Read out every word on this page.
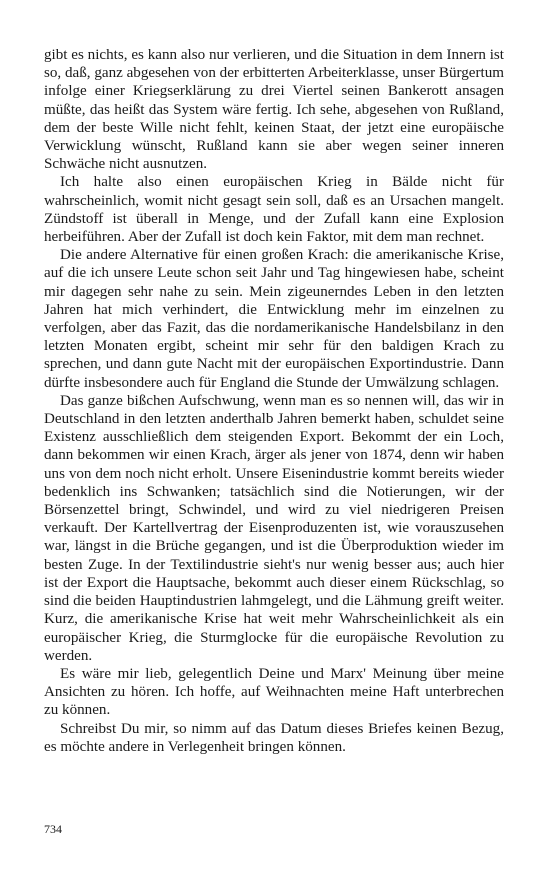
gibt es nichts, es kann also nur verlieren, und die Situation in dem Innern ist so, daß, ganz abgesehen von der erbitterten Arbeiterklasse, unser Bürgertum infolge einer Kriegserklärung zu drei Viertel seinen Bankerott ansagen müßte, das heißt das System wäre fertig. Ich sehe, abgesehen von Rußland, dem der beste Wille nicht fehlt, keinen Staat, der jetzt eine europäische Verwicklung wünscht, Rußland kann sie aber wegen seiner inneren Schwäche nicht ausnutzen.

Ich halte also einen europäischen Krieg in Bälde nicht für wahrscheinlich, womit nicht gesagt sein soll, daß es an Ursachen mangelt. Zündstoff ist überall in Menge, und der Zufall kann eine Explosion herbeiführen. Aber der Zufall ist doch kein Faktor, mit dem man rechnet.

Die andere Alternative für einen großen Krach: die amerikanische Krise, auf die ich unsere Leute schon seit Jahr und Tag hingewiesen habe, scheint mir dagegen sehr nahe zu sein. Mein zigeunerndes Leben in den letzten Jahren hat mich verhindert, die Entwicklung mehr im einzelnen zu verfolgen, aber das Fazit, das die nordamerikanische Handelsbilanz in den letzten Monaten ergibt, scheint mir sehr für den baldigen Krach zu sprechen, und dann gute Nacht mit der europäischen Exportindustrie. Dann dürfte insbesondere auch für England die Stunde der Umwälzung schlagen.

Das ganze bißchen Aufschwung, wenn man es so nennen will, das wir in Deutschland in den letzten anderthalb Jahren bemerkt haben, schuldet seine Existenz ausschließlich dem steigenden Export. Bekommt der ein Loch, dann bekommen wir einen Krach, ärger als jener von 1874, denn wir haben uns von dem noch nicht erholt. Unsere Eisenindustrie kommt bereits wieder bedenklich ins Schwanken; tatsächlich sind die Notierungen, wir der Börsenzettel bringt, Schwindel, und wird zu viel niedrigeren Preisen verkauft. Der Kartellvertrag der Eisenproduzenten ist, wie vorauszusehen war, längst in die Brüche gegangen, und ist die Überproduktion wieder im besten Zuge. In der Textilindustrie sieht's nur wenig besser aus; auch hier ist der Export die Hauptsache, bekommt auch dieser einem Rückschlag, so sind die beiden Hauptindustrien lahmgelegt, und die Lähmung greift weiter. Kurz, die amerikanische Krise hat weit mehr Wahrscheinlichkeit als ein europäischer Krieg, die Sturmglocke für die europäische Revolution zu werden.

Es wäre mir lieb, gelegentlich Deine und Marx' Meinung über meine Ansichten zu hören. Ich hoffe, auf Weihnachten meine Haft unterbrechen zu können.

Schreibst Du mir, so nimm auf das Datum dieses Briefes keinen Bezug, es möchte andere in Verlegenheit bringen können.

734
